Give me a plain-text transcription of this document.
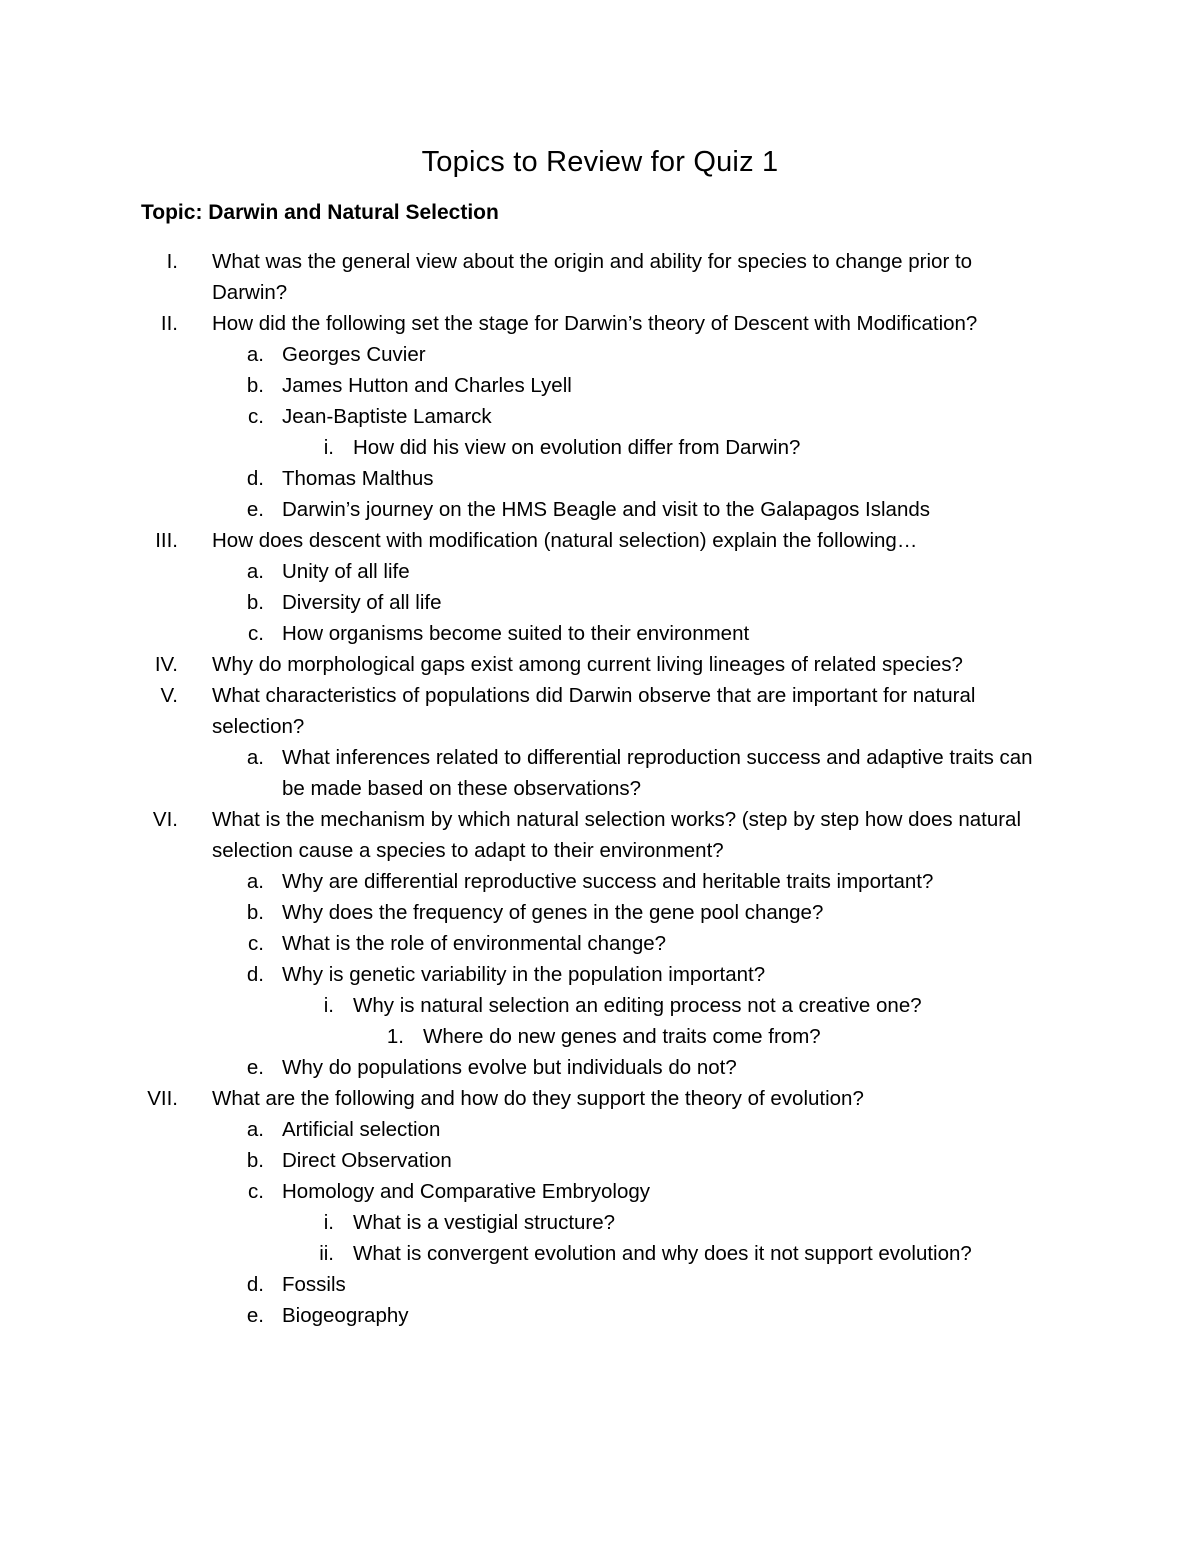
Topics to Review for Quiz 1
Topic: Darwin and Natural Selection
I. What was the general view about the origin and ability for species to change prior to Darwin?
II. How did the following set the stage for Darwin’s theory of Descent with Modification?
a. Georges Cuvier
b. James Hutton and Charles Lyell
c. Jean-Baptiste Lamarck
i. How did his view on evolution differ from Darwin?
d. Thomas Malthus
e. Darwin’s journey on the HMS Beagle and visit to the Galapagos Islands
III. How does descent with modification (natural selection) explain the following…
a. Unity of all life
b. Diversity of all life
c. How organisms become suited to their environment
IV. Why do morphological gaps exist among current living lineages of related species?
V. What characteristics of populations did Darwin observe that are important for natural selection?
a. What inferences related to differential reproduction success and adaptive traits can be made based on these observations?
VI. What is the mechanism by which natural selection works? (step by step how does natural selection cause a species to adapt to their environment?
a. Why are differential reproductive success and heritable traits important?
b. Why does the frequency of genes in the gene pool change?
c. What is the role of environmental change?
d. Why is genetic variability in the population important?
i. Why is natural selection an editing process not a creative one?
1. Where do new genes and traits come from?
e. Why do populations evolve but individuals do not?
VII. What are the following and how do they support the theory of evolution?
a. Artificial selection
b. Direct Observation
c. Homology and Comparative Embryology
i. What is a vestigial structure?
ii. What is convergent evolution and why does it not support evolution?
d. Fossils
e. Biogeography
